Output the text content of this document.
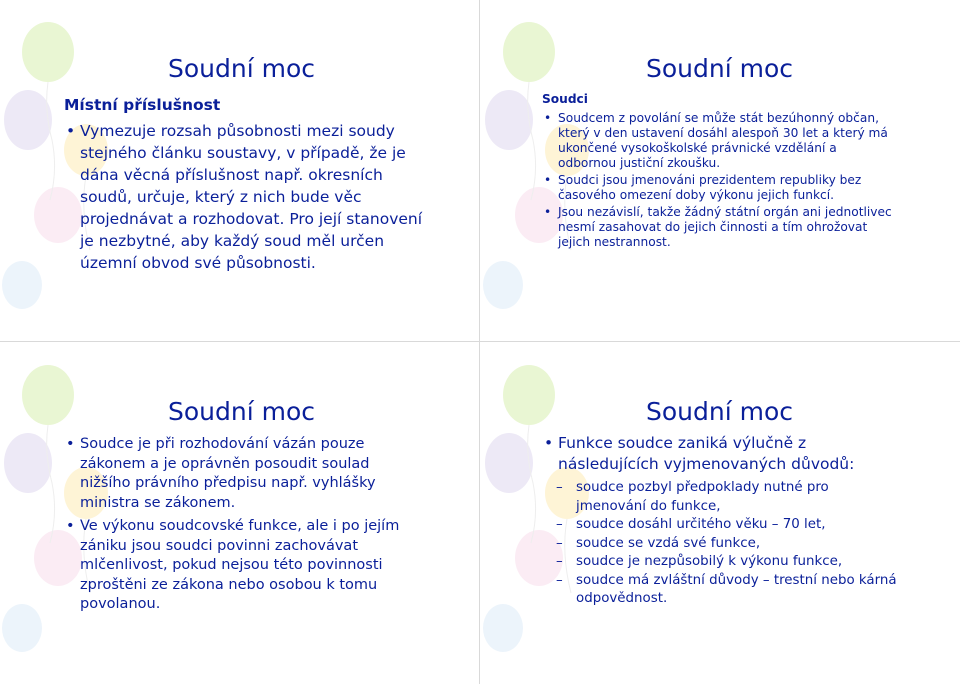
Soudní moc
Místní příslušnost
• Vymezuje rozsah působnosti mezi soudy stejného článku soustavy, v případě, že je dána věcná příslušnost např. okresních soudů, určuje, který z nich bude věc projednávat a rozhodovat. Pro její stanovení je nezbytné, aby každý soud měl určen územní obvod své působnosti.
Soudní moc
Soudci
• Soudcem z povolání se může stát bezúhonný občan, který v den ustavení dosáhl alespoň 30 let a který má ukončené vysokoškolské právnické vzdělání a odbornou justiční zkoušku.
• Soudci jsou jmenováni prezidentem republiky bez časového omezení doby výkonu jejich funkcí.
• Jsou nezávislí, takže žádný státní orgán ani jednotlivec nesmí zasahovat do jejich činnosti a tím ohrožovat jejich nestrannost.
Soudní moc
• Soudce je při rozhodování vázán pouze zákonem a je oprávněn posoudit soulad nižšího právního předpisu např. vyhlášky ministra se zákonem.
• Ve výkonu soudcovské funkce, ale i po jejím zániku jsou soudci povinni zachovávat mlčenlivost, pokud nejsou této povinnosti zproštěni ze zákona nebo osobou k tomu povolanou.
Soudní moc
• Funkce soudce zaniká výlučně z následujících vyjmenovaných důvodů:
– soudce pozbyl předpoklady nutné pro jmenování do funkce,
– soudce dosáhl určitého věku – 70 let,
– soudce se vzdá své funkce,
– soudce je nezpůsobilý k výkonu funkce,
– soudce má zvláštní důvody – trestní nebo kárná odpovědnost.
